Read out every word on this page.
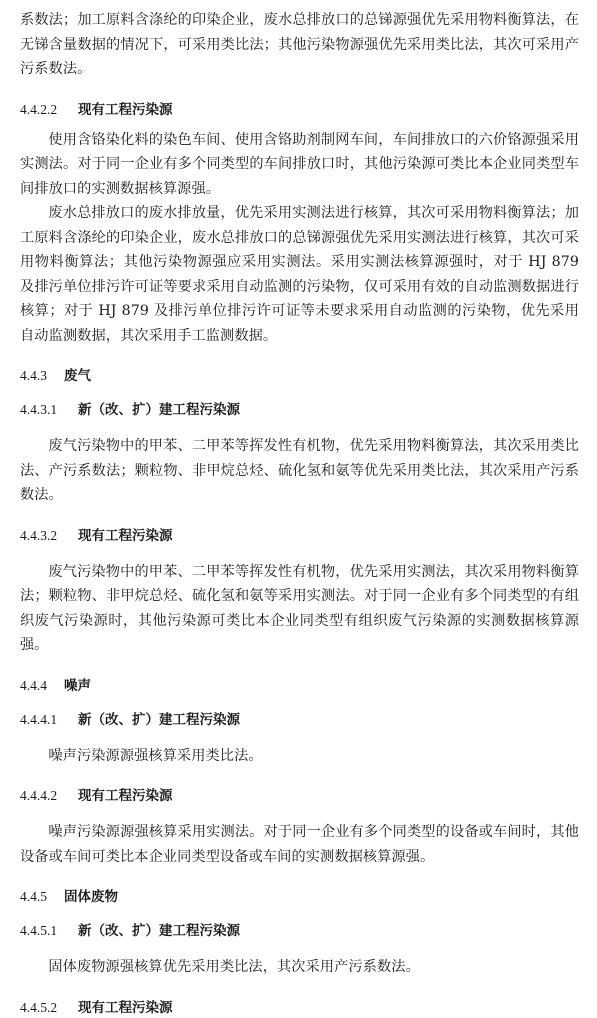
系数法；加工原料含涤纶的印染企业，废水总排放口的总锑源强优先采用物料衡算法，在无锑含量数据的情况下，可采用类比法；其他污染物源强优先采用类比法，其次可采用产污系数法。

4.4.2.2 现有工程污染源

使用含铬染化料的染色车间、使用含铬助剂制网车间，车间排放口的六价铬源强采用实测法。对于同一企业有多个同类型的车间排放口时，其他污染源可类比本企业同类型车间排放口的实测数据核算源强。

废水总排放口的废水排放量，优先采用实测法进行核算，其次可采用物料衡算法；加工原料含涤纶的印染企业，废水总排放口的总锑源强优先采用实测法进行核算，其次可采用物料衡算法；其他污染物源强应采用实测法。采用实测法核算源强时，对于 HJ 879 及排污单位排污许可证等要求采用自动监测的污染物，仅可采用有效的自动监测数据进行核算；对于 HJ 879 及排污单位排污许可证等未要求采用自动监测的污染物，优先采用自动监测数据，其次采用手工监测数据。

4.4.3 废气
4.4.3.1 新（改、扩）建工程污染源

废气污染物中的甲苯、二甲苯等挥发性有机物，优先采用物料衡算法，其次采用类比法、产污系数法；颗粒物、非甲烷总烃、硫化氢和氨等优先采用类比法，其次采用产污系数法。

4.4.3.2 现有工程污染源

废气污染物中的甲苯、二甲苯等挥发性有机物，优先采用实测法，其次采用物料衡算法；颗粒物、非甲烷总烃、硫化氢和氨等采用实测法。对于同一企业有多个同类型的有组织废气污染源时，其他污染源可类比本企业同类型有组织废气污染源的实测数据核算源强。

4.4.4 噪声
4.4.4.1 新（改、扩）建工程污染源

噪声污染源源强核算采用类比法。

4.4.4.2 现有工程污染源

噪声污染源源强核算采用实测法。对于同一企业有多个同类型的设备或车间时，其他设备或车间可类比本企业同类型设备或车间的实测数据核算源强。

4.4.5 固体废物
4.4.5.1 新（改、扩）建工程污染源

固体废物源强核算优先采用类比法，其次采用产污系数法。

4.4.5.2 现有工程污染源
